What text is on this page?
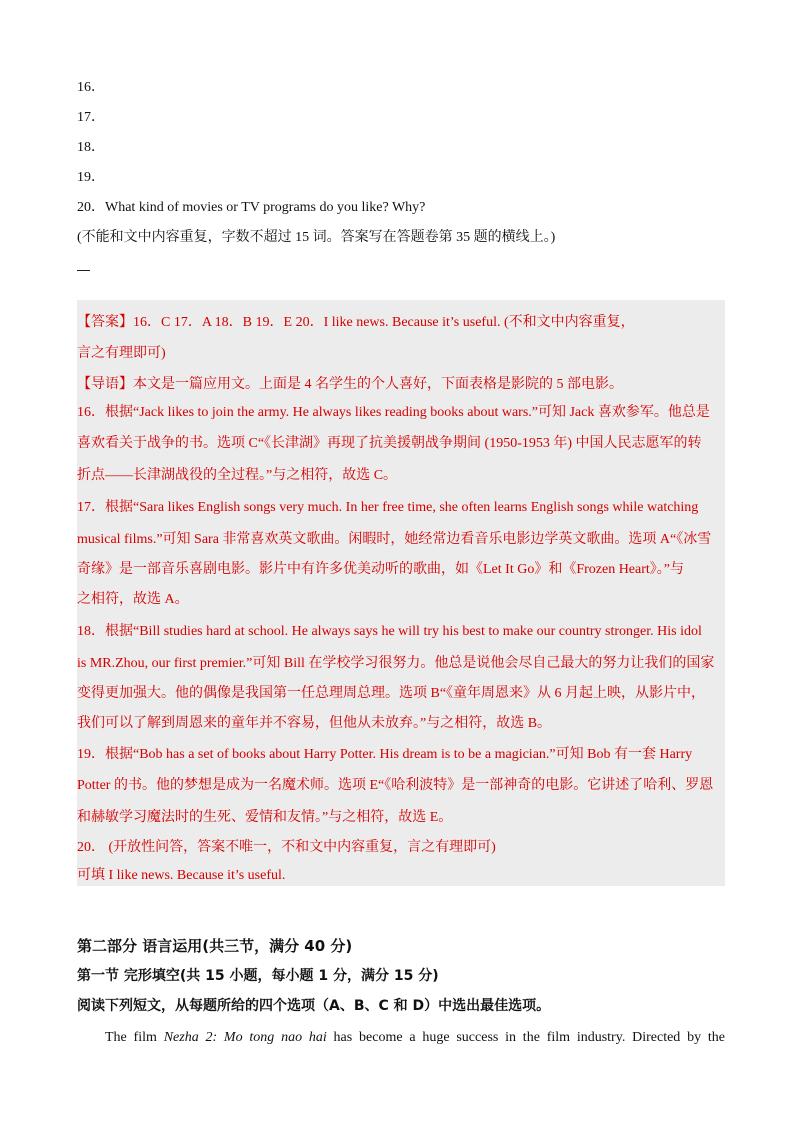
16．
17．
18．
19．
20．What kind of movies or TV programs do you like? Why?
(不能和文中内容重复，字数不超过 15 词。答案写在答题卷第 35 题的横线上。)
【答案】16．C 17．A 18．B 19．E 20．I like news. Because it’s useful. (不和文中内容重复，
言之有理即可)
【导语】本文是一篇应用文。上面是 4 名学生的个人喜好，下面表格是影院的 5 部电影。
16．根据“Jack likes to join the army. He always likes reading books about wars.”可知 Jack 喜欢参军。他总是
喜欢看关于战争的书。选项 C“《长津湖》再现了抗美援朝战争期间 (1950-1953 年) 中国人民志愿军的转
折点——长津湖战役的全过程。”与之相符，故选 C。
17．根据“Sara likes English songs very much. In her free time, she often learns English songs while watching
musical films.”可知 Sara 非常喜欢英文歌曲。闲暇时，她经常边看音乐电影边学英文歌曲。选项 A“《冰雪
奇缘》是一部音乐喜剧电影。影片中有许多优美动听的歌曲，如《Let It Go》和《Frozen Heart》。”与
之相符，故选 A。
18．根据“Bill studies hard at school. He always says he will try his best to make our country stronger. His idol
is MR.Zhou, our first premier.”可知 Bill 在学校学习很努力。他总是说他会尽自己最大的努力让我们的国家
变得更加强大。他的偶像是我国第一任总理周总理。选项 B“《童年周恩来》从 6 月起上映，从影片中，
我们可以了解到周恩来的童年并不容易，但他从未放弃。”与之相符，故选 B。
19．根据“Bob has a set of books about Harry Potter. His dream is to be a magician.”可知 Bob 有一套 Harry
Potter 的书。他的梦想是成为一名魔术师。选项 E“《哈利波特》是一部神奇的电影。它讲述了哈利、罗恩
和赫敏学习魔法时的生死、爱情和友情。”与之相符，故选 E。
20． (开放性问答，答案不唯一，不和文中内容重复，言之有理即可)
可填 I like news. Because it’s useful.
第二部分 语言运用(共三节，满分 40 分)
第一节 完形填空(共 15 小题，每小题 1 分，满分 15 分)
阅读下列短文，从每题所给的四个选项（A、B、C 和 D）中选出最佳选项。
The film Nezha 2: Mo tong nao hai has become a huge success in the film industry. Directed by the
